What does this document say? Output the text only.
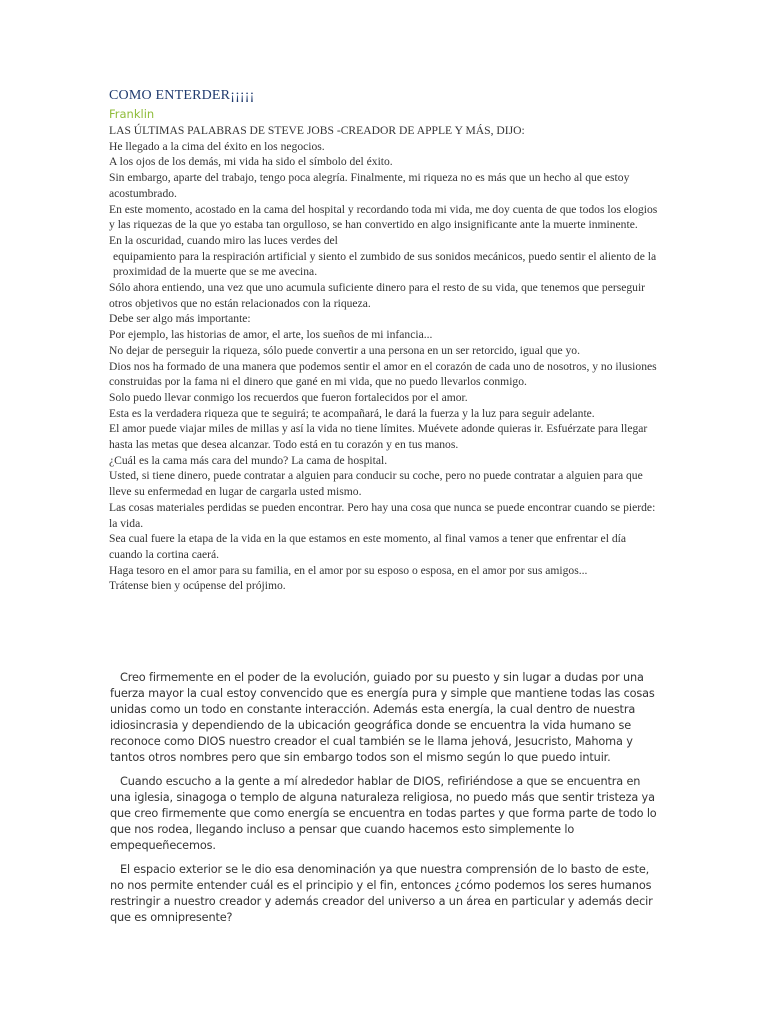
COMO ENTERDER¡¡¡¡¡
Franklin

LAS ÚLTIMAS PALABRAS DE STEVE JOBS -CREADOR DE APPLE Y MÁS, DIJO:

He llegado a la cima del éxito en los negocios.

A los ojos de los demás, mi vida ha sido el símbolo del éxito.

Sin embargo, aparte del trabajo, tengo poca alegría. Finalmente, mi riqueza no es más que un hecho al que estoy acostumbrado.

En este momento, acostado en la cama del hospital y recordando toda mi vida, me doy cuenta de que todos los elogios y las riquezas de la que yo estaba tan orgulloso, se han convertido en algo insignificante ante la muerte inminente.

En la oscuridad, cuando miro las luces verdes del

equipamiento para la respiración artificial y siento el zumbido de sus sonidos mecánicos, puedo sentir el aliento de la proximidad de la muerte que se me avecina.

Sólo ahora entiendo, una vez que uno acumula suficiente dinero para el resto de su vida, que tenemos que perseguir otros objetivos que no están relacionados con la riqueza.

Debe ser algo más importante:

Por ejemplo, las historias de amor, el arte, los sueños de mi infancia...

No dejar de perseguir la riqueza, sólo puede convertir a una persona en un ser retorcido, igual que yo.

Dios nos ha formado de una manera que podemos sentir el amor en el corazón de cada uno de nosotros, y no ilusiones construidas por la fama ni el dinero que gané en mi vida, que no puedo llevarlos conmigo.

Solo puedo llevar conmigo los recuerdos que fueron fortalecidos por el amor.

Esta es la verdadera riqueza que te seguirá; te acompañará, le dará la fuerza y la luz para seguir adelante.

El amor puede viajar miles de millas y así la vida no tiene límites. Muévete adonde quieras ir. Esfuérzate para llegar hasta las metas que desea alcanzar. Todo está en tu corazón y en tus manos.

¿Cuál es la cama más cara del mundo? La cama de hospital.

Usted, si tiene dinero, puede contratar a alguien para conducir su coche, pero no puede contratar a alguien para que lleve su enfermedad en lugar de cargarla usted mismo.

Las cosas materiales perdidas se pueden encontrar. Pero hay una cosa que nunca se puede encontrar cuando se pierde: la vida.

Sea cual fuere la etapa de la vida en la que estamos en este momento, al final vamos a tener que enfrentar el día cuando la cortina caerá.

Haga tesoro en el amor para su familia, en el amor por su esposo o esposa, en el amor por sus amigos...

Trátense bien y ocúpense del prójimo.

Creo firmemente en el poder de la evolución, guiado por su puesto y sin lugar a dudas por una fuerza mayor la cual estoy convencido que es energía pura y simple que mantiene todas las cosas unidas como un todo en constante interacción. Además esta energía, la cual dentro de nuestra idiosincrasia y dependiendo de la ubicación geográfica donde se encuentra la vida humano se reconoce como DIOS nuestro creador el cual también se le llama jehová, Jesucristo, Mahoma y tantos otros nombres pero que sin embargo todos son el mismo según lo que puedo intuir.

Cuando escucho a la gente a mí alrededor hablar de DIOS, refiriéndose a que se encuentra en una iglesia, sinagoga o templo de alguna naturaleza religiosa, no puedo más que sentir tristeza ya que creo firmemente que como energía se encuentra en todas partes y que forma parte de todo lo que nos rodea, llegando incluso a pensar que cuando hacemos esto simplemente lo empequeñecemos.

El espacio exterior se le dio esa denominación ya que nuestra comprensión de lo basto de este, no nos permite entender cuál es el principio y el fin, entonces ¿cómo podemos los seres humanos restringir a nuestro creador y además creador del universo a un área en particular y además decir que es omnipresente?
